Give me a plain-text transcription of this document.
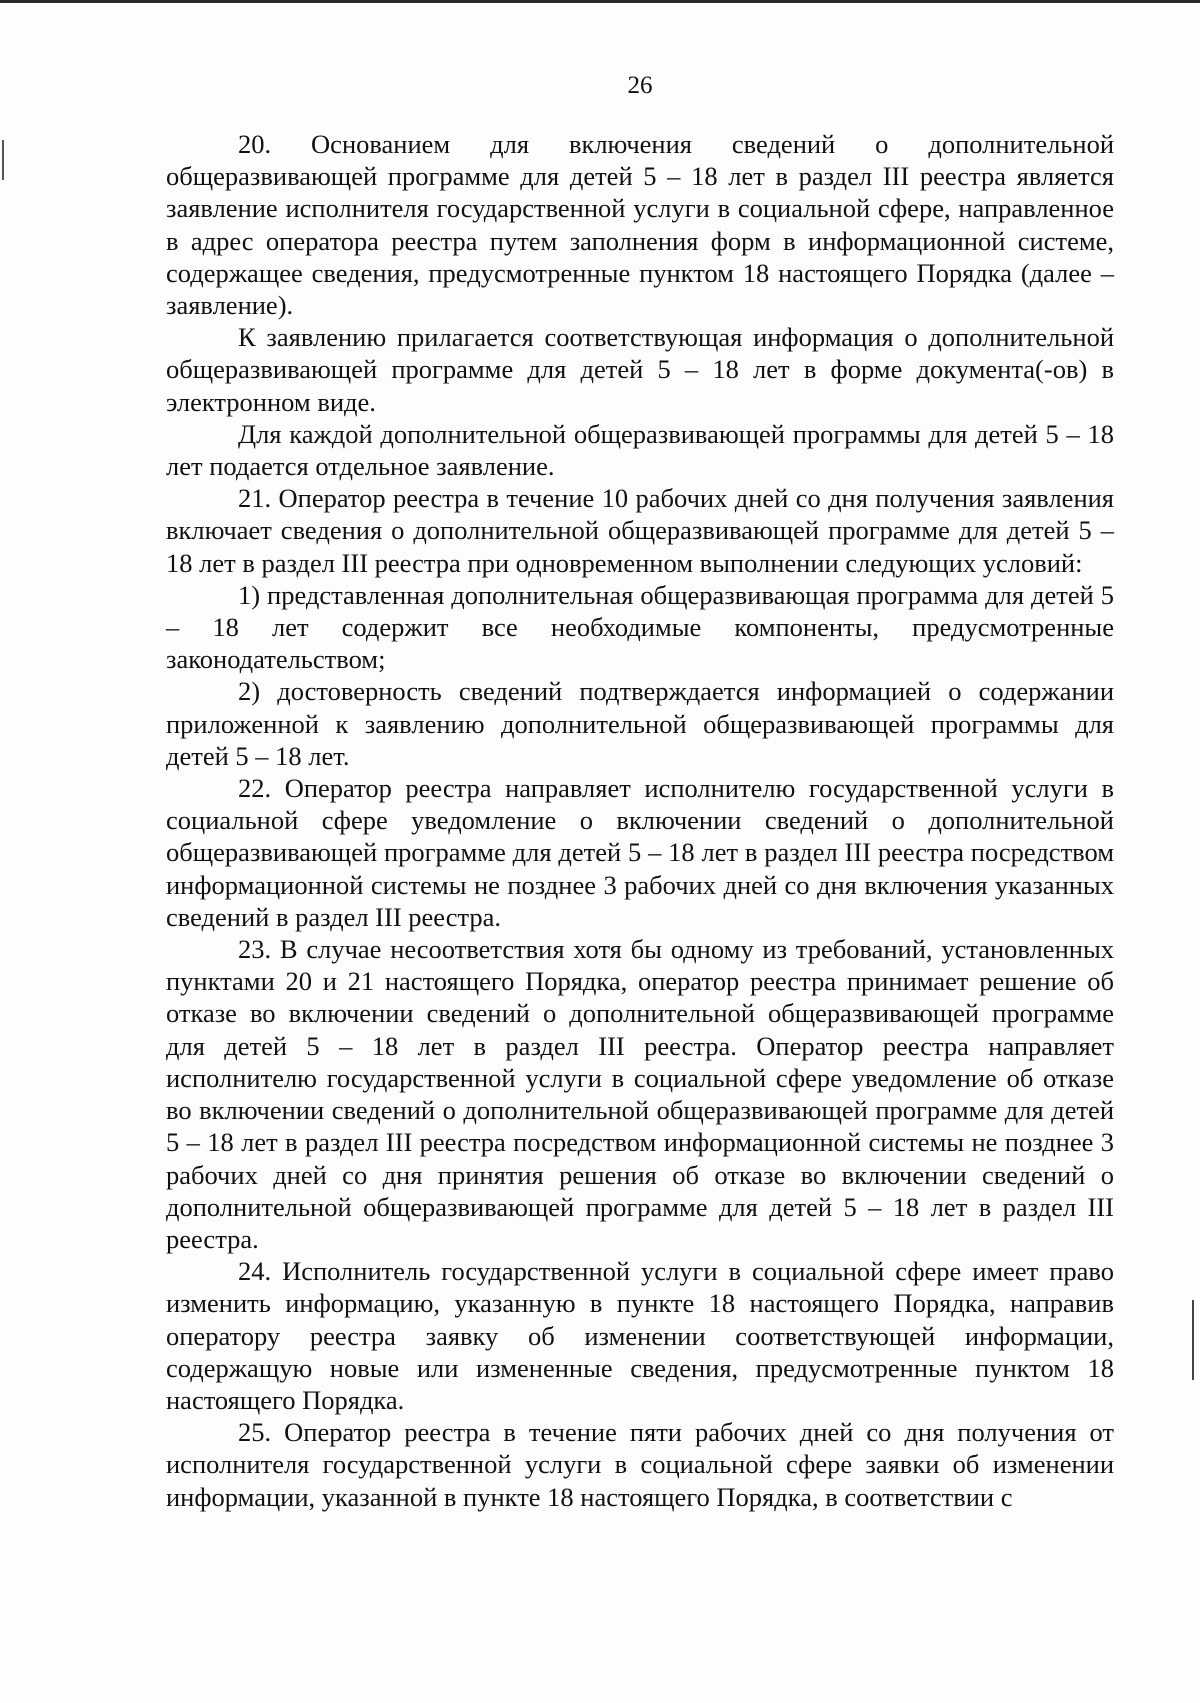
26

20. Основанием для включения сведений о дополнительной общеразвивающей программе для детей 5 – 18 лет в раздел III реестра является заявление исполнителя государственной услуги в социальной сфере, направленное в адрес оператора реестра путем заполнения форм в информационной системе, содержащее сведения, предусмотренные пунктом 18 настоящего Порядка (далее – заявление).

К заявлению прилагается соответствующая информация о дополнительной общеразвивающей программе для детей 5 – 18 лет в форме документа(-ов) в электронном виде.

Для каждой дополнительной общеразвивающей программы для детей 5 – 18 лет подается отдельное заявление.

21. Оператор реестра в течение 10 рабочих дней со дня получения заявления включает сведения о дополнительной общеразвивающей программе для детей 5 – 18 лет в раздел III реестра при одновременном выполнении следующих условий:

1) представленная дополнительная общеразвивающая программа для детей 5 – 18 лет содержит все необходимые компоненты, предусмотренные законодательством;

2) достоверность сведений подтверждается информацией о содержании приложенной к заявлению дополнительной общеразвивающей программы для детей 5 – 18 лет.

22. Оператор реестра направляет исполнителю государственной услуги в социальной сфере уведомление о включении сведений о дополнительной общеразвивающей программе для детей 5 – 18 лет в раздел III реестра посредством информационной системы не позднее 3 рабочих дней со дня включения указанных сведений в раздел III реестра.

23. В случае несоответствия хотя бы одному из требований, установленных пунктами 20 и 21 настоящего Порядка, оператор реестра принимает решение об отказе во включении сведений о дополнительной общеразвивающей программе для детей 5 – 18 лет в раздел III реестра. Оператор реестра направляет исполнителю государственной услуги в социальной сфере уведомление об отказе во включении сведений о дополнительной общеразвивающей программе для детей 5 – 18 лет в раздел III реестра посредством информационной системы не позднее 3 рабочих дней со дня принятия решения об отказе во включении сведений о дополнительной общеразвивающей программе для детей 5 – 18 лет в раздел III реестра.

24. Исполнитель государственной услуги в социальной сфере имеет право изменить информацию, указанную в пункте 18 настоящего Порядка, направив оператору реестра заявку об изменении соответствующей информации, содержащую новые или измененные сведения, предусмотренные пунктом 18 настоящего Порядка.

25. Оператор реестра в течение пяти рабочих дней со дня получения от исполнителя государственной услуги в социальной сфере заявки об изменении информации, указанной в пункте 18 настоящего Порядка, в соответствии с
